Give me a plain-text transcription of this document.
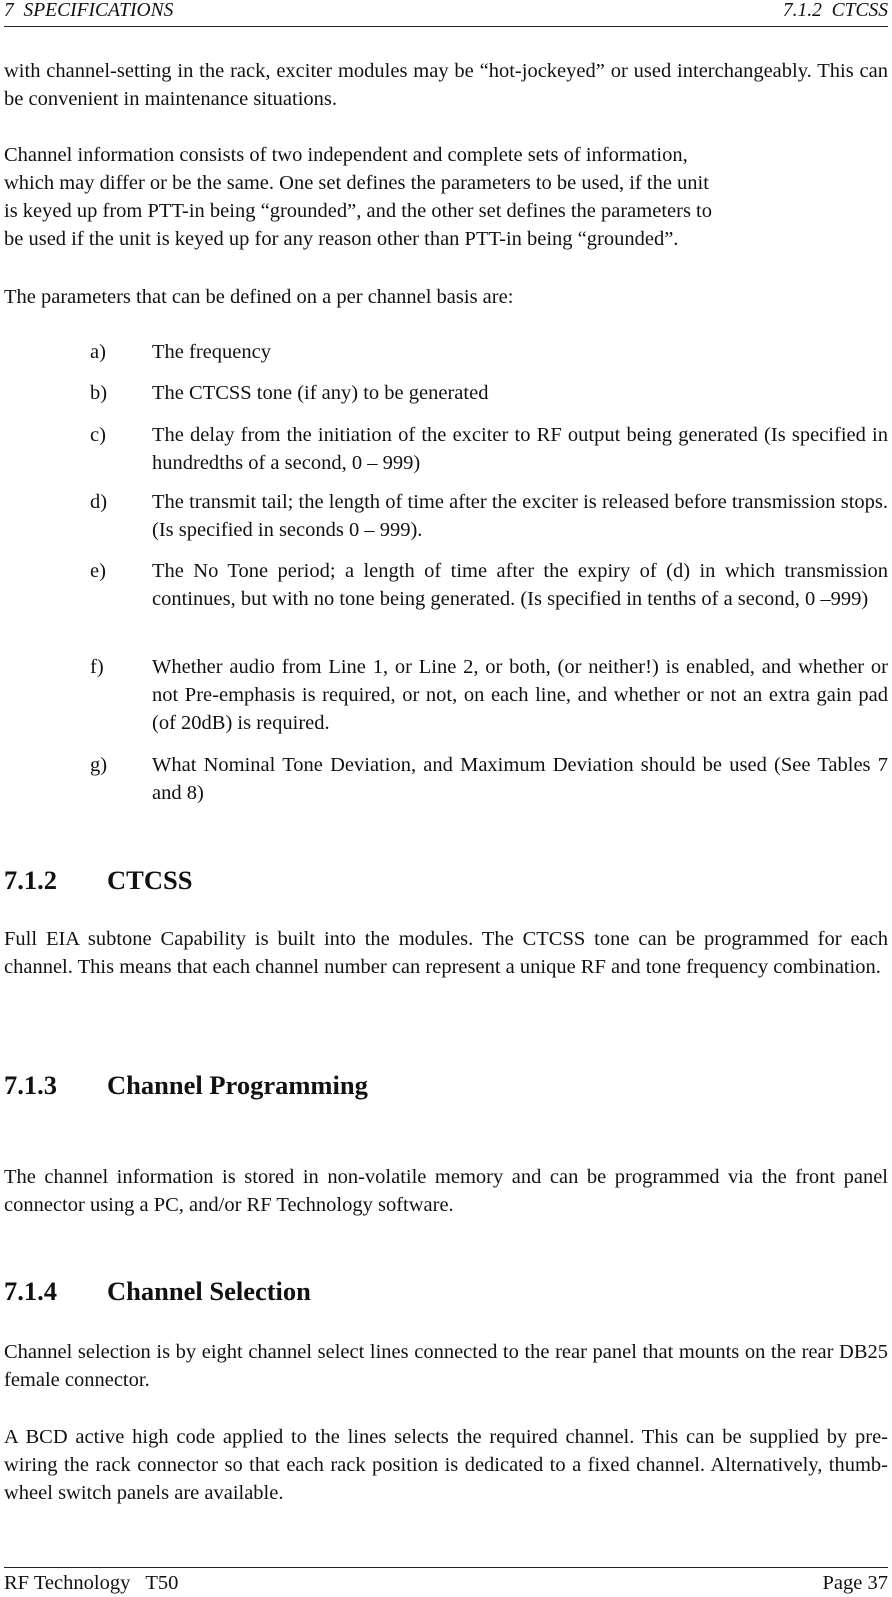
7  SPECIFICATIONS	7.1.2  CTCSS

with channel-setting in the rack, exciter modules may be “hot-jockeyed” or used interchangeably. This can be convenient in maintenance situations.

Channel information consists of two independent and complete sets of information,
which may differ or be the same. One set defines the parameters to be used, if the unit
is keyed up from PTT-in being “grounded”, and the other set defines the parameters to
be used if the unit is keyed up for any reason other than PTT-in being “grounded”.

The parameters that can be defined on a per channel basis are:

a) The frequency
b) The CTCSS tone (if any) to be generated
c) The delay from the initiation of the exciter to RF output being generated (Is specified in hundredths of a second, 0 – 999)
d) The transmit tail; the length of time after the exciter is released before transmission stops. (Is specified in seconds 0 – 999).
e) The No Tone period; a length of time after the expiry of (d) in which transmission continues, but with no tone being generated. (Is specified in tenths of a second, 0 –999)
f) Whether audio from Line 1, or Line 2, or both, (or neither!) is enabled, and whether or not Pre-emphasis is required, or not, on each line, and whether or not an extra gain pad (of 20dB) is required.
g) What Nominal Tone Deviation, and Maximum Deviation should be used (See Tables 7 and 8)
7.1.2 CTCSS

Full EIA subtone Capability is built into the modules. The CTCSS tone can be programmed for each channel. This means that each channel number can represent a unique RF and tone frequency combination.

7.1.3 Channel Programming

The channel information is stored in non-volatile memory and can be programmed via the front panel connector using a PC, and/or RF Technology software.

7.1.4 Channel Selection

Channel selection is by eight channel select lines connected to the rear panel that mounts on the rear DB25 female connector.

A BCD active high code applied to the lines selects the required channel. This can be supplied by pre-wiring the rack connector so that each rack position is dedicated to a fixed channel. Alternatively, thumb-wheel switch panels are available.

RF Technology   T50	Page 37
